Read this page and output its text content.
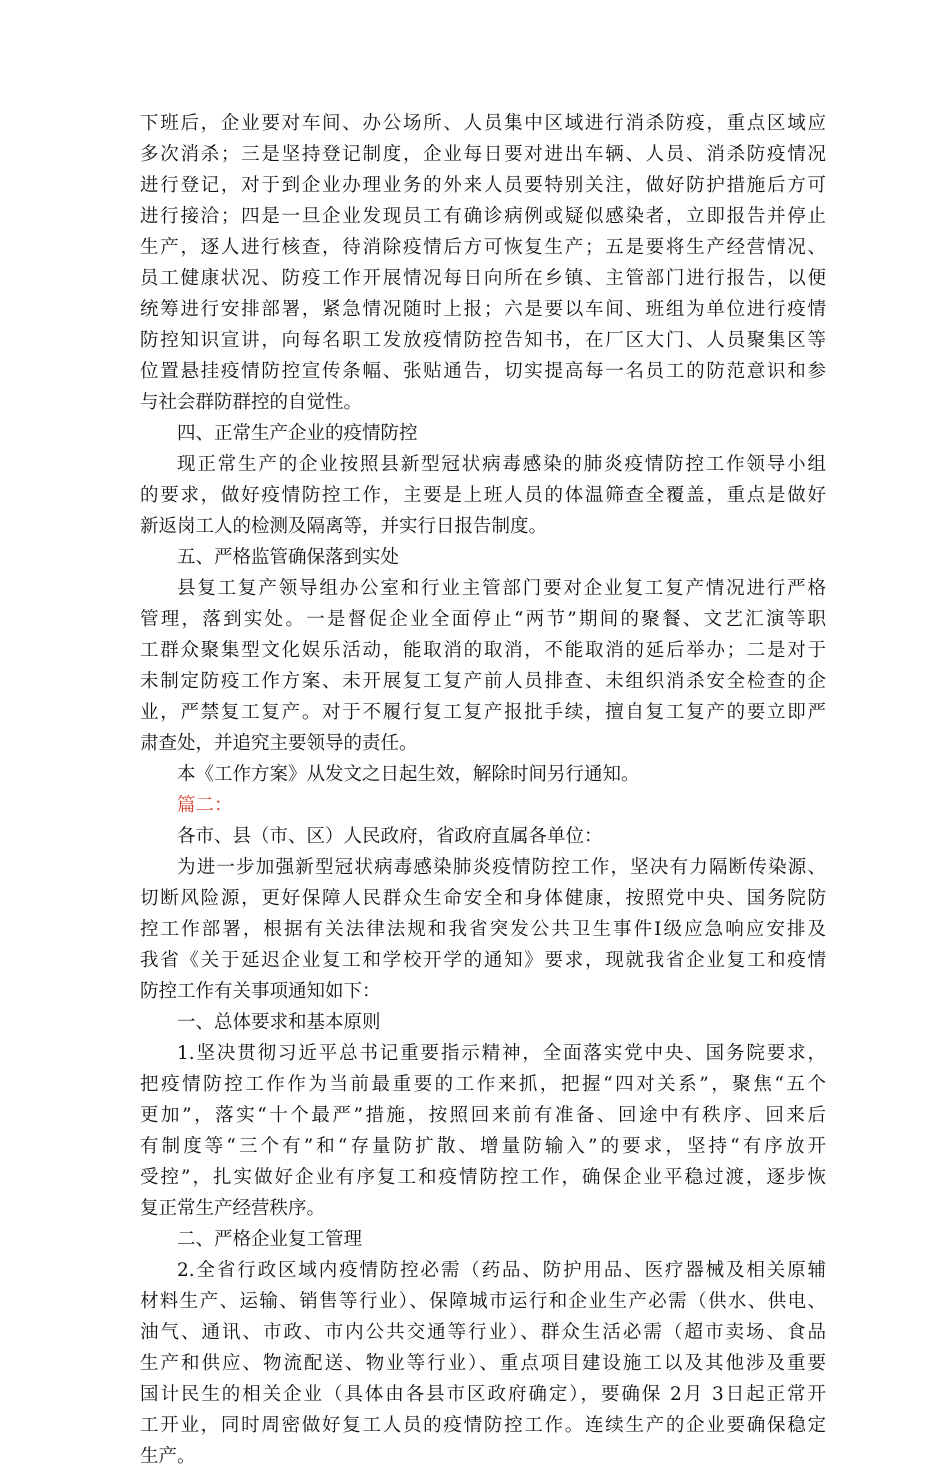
下班后，企业要对车间、办公场所、人员集中区域进行消杀防疫，重点区域应
多次消杀；三是坚持登记制度，企业每日要对进出车辆、人员、消杀防疫情况
进行登记，对于到企业办理业务的外来人员要特别关注，做好防护措施后方可
进行接洽；四是一旦企业发现员工有确诊病例或疑似感染者，立即报告并停止
生产，逐人进行核查，待消除疫情后方可恢复生产；五是要将生产经营情况、
员工健康状况、防疫工作开展情况每日向所在乡镇、主管部门进行报告，以便
统筹进行安排部署，紧急情况随时上报；六是要以车间、班组为单位进行疫情
防控知识宣讲，向每名职工发放疫情防控告知书，在厂区大门、人员聚集区等
位置悬挂疫情防控宣传条幅、张贴通告，切实提高每一名员工的防范意识和参
与社会群防群控的自觉性。
四、正常生产企业的疫情防控
现正常生产的企业按照县新型冠状病毒感染的肺炎疫情防控工作领导小组
的要求，做好疫情防控工作，主要是上班人员的体温筛查全覆盖，重点是做好
新返岗工人的检测及隔离等，并实行日报告制度。
五、严格监管确保落到实处
县复工复产领导组办公室和行业主管部门要对企业复工复产情况进行严格
管理，落到实处。一是督促企业全面停止“两节”期间的聚餐、文艺汇演等职
工群众聚集型文化娱乐活动，能取消的取消，不能取消的延后举办；二是对于
未制定防疫工作方案、未开展复工复产前人员排查、未组织消杀安全检查的企
业，严禁复工复产。对于不履行复工复产报批手续，擅自复工复产的要立即严
肃查处，并追究主要领导的责任。
本《工作方案》从发文之日起生效，解除时间另行通知。
篇二：
各市、县（市、区）人民政府，省政府直属各单位：
为进一步加强新型冠状病毒感染肺炎疫情防控工作，坚决有力隔断传染源、
切断风险源，更好保障人民群众生命安全和身体健康，按照党中央、国务院防
控工作部署，根据有关法律法规和我省突发公共卫生事件Ⅰ级应急响应安排及
我省《关于延迟企业复工和学校开学的通知》要求，现就我省企业复工和疫情
防控工作有关事项通知如下：
一、总体要求和基本原则
1.坚决贯彻习近平总书记重要指示精神，全面落实党中央、国务院要求，
把疫情防控工作作为当前最重要的工作来抓，把握“四对关系”，聚焦“五个
更加”，落实“十个最严”措施，按照回来前有准备、回途中有秩序、回来后
有制度等“三个有”和“存量防扩散、增量防输入”的要求，坚持“有序放开
受控”，扎实做好企业有序复工和疫情防控工作，确保企业平稳过渡，逐步恢
复正常生产经营秩序。
二、严格企业复工管理
2.全省行政区域内疫情防控必需（药品、防护用品、医疗器械及相关原辅
材料生产、运输、销售等行业）、保障城市运行和企业生产必需（供水、供电、
油气、通讯、市政、市内公共交通等行业）、群众生活必需（超市卖场、食品
生产和供应、物流配送、物业等行业）、重点项目建设施工以及其他涉及重要
国计民生的相关企业（具体由各县市区政府确定），要确保 2月 3日起正常开
工开业，同时周密做好复工人员的疫情防控工作。连续生产的企业要确保稳定
生产。
